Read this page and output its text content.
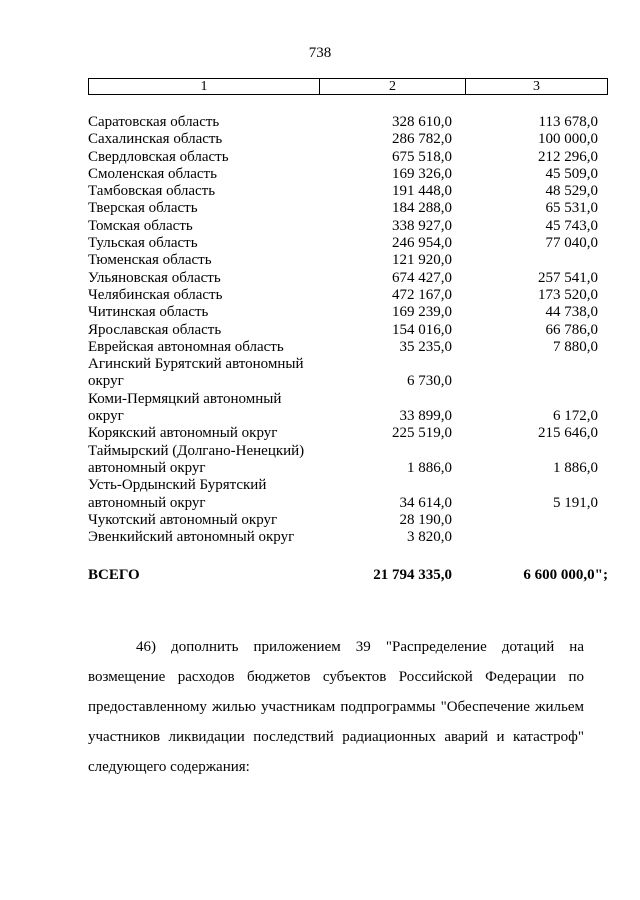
738
1	2	3
Саратовская область	328 610,0	113 678,0
Сахалинская область	286 782,0	100 000,0
Свердловская область	675 518,0	212 296,0
Смоленская область	169 326,0	45 509,0
Тамбовская область	191 448,0	48 529,0
Тверская область	184 288,0	65 531,0
Томская область	338 927,0	45 743,0
Тульская область	246 954,0	77 040,0
Тюменская область	121 920,0
Ульяновская область	674 427,0	257 541,0
Челябинская область	472 167,0	173 520,0
Читинская область	169 239,0	44 738,0
Ярославская область	154 016,0	66 786,0
Еврейская автономная область	35 235,0	7 880,0
Агинский Бурятский автономный
округ	6 730,0
Коми-Пермяцкий автономный
округ	33 899,0	6 172,0
Корякский автономный округ	225 519,0	215 646,0
Таймырский (Долгано-Ненецкий)
автономный округ	1 886,0	1 886,0
Усть-Ордынский Бурятский
автономный округ	34 614,0	5 191,0
Чукотский автономный округ	28 190,0
Эвенкийский автономный округ	3 820,0
ВСЕГО	21 794 335,0	6 600 000,0";
46) дополнить приложением 39 "Распределение дотаций на возмещение расходов бюджетов субъектов Российской Федерации по предоставленному жилью участникам подпрограммы "Обеспечение жильем участников ликвидации последствий радиационных аварий и катастроф" следующего содержания:
